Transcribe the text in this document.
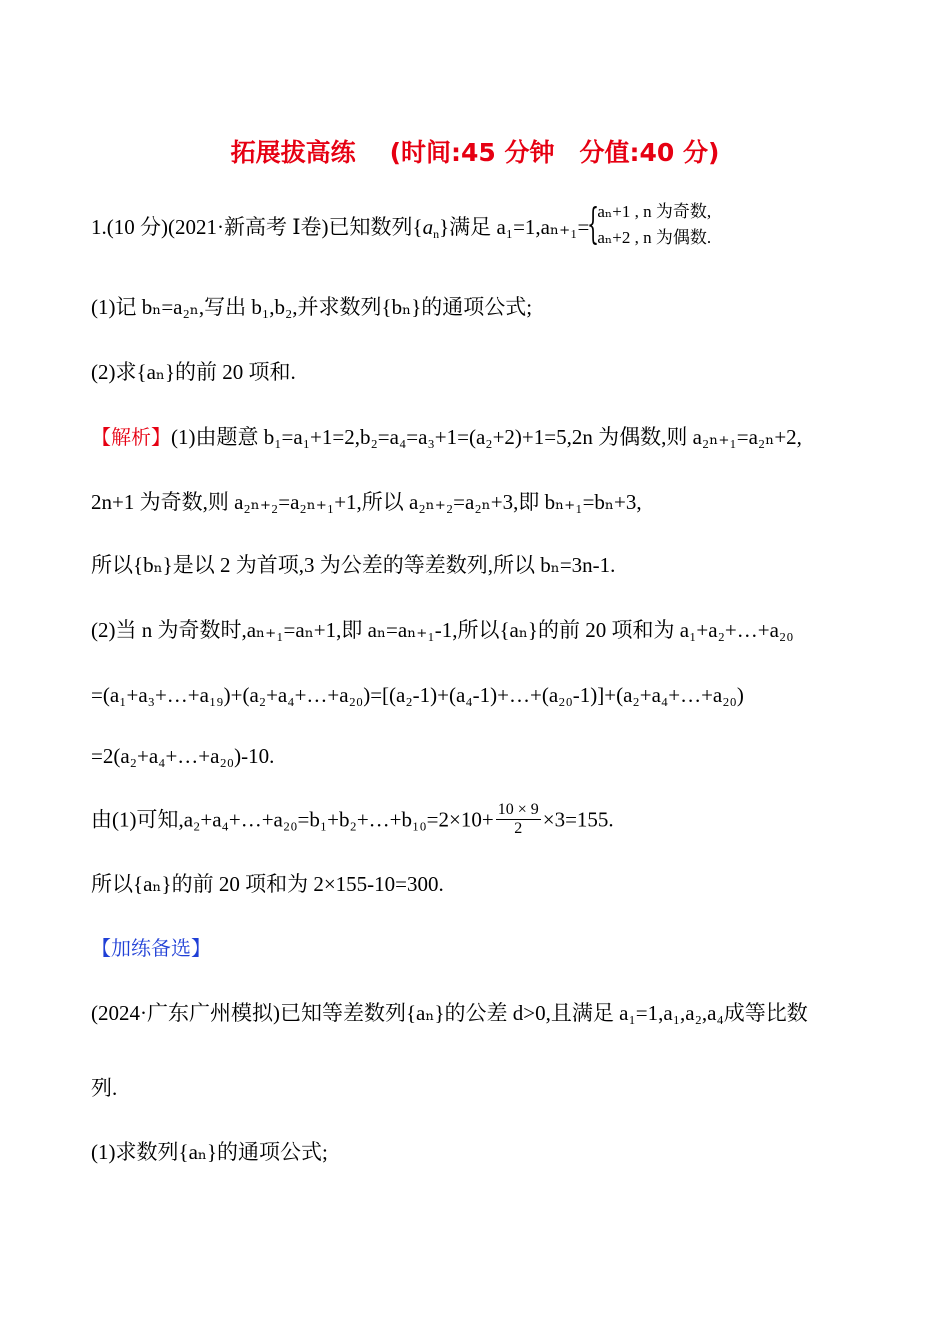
拓展拔高练 (时间:45 分钟　分值:40 分)
1.(10 分)(2021·新高考 Ⅰ卷)已知数列$\{a_n\}$满足 a₁=1,aₙ₊₁=
{
aₙ+1 , n 为奇数,
aₙ+2 , n 为偶数.
(1)记 bₙ=a₂ₙ,写出 b₁,b₂,并求数列{bₙ}的通项公式;
(2)求{aₙ}的前 20 项和.
【解析】(1)由题意 b₁=a₁+1=2,b₂=a₄=a₃+1=(a₂+2)+1=5,2n 为偶数,则 a₂ₙ₊₁=a₂ₙ+2,
2n+1 为奇数,则 a₂ₙ₊₂=a₂ₙ₊₁+1,所以 a₂ₙ₊₂=a₂ₙ+3,即 bₙ₊₁=bₙ+3,
所以{bₙ}是以 2 为首项,3 为公差的等差数列,所以 bₙ=3n-1.
(2)当 n 为奇数时,aₙ₊₁=aₙ+1,即 aₙ=aₙ₊₁-1,所以{aₙ}的前 20 项和为 a₁+a₂+…+a₂₀
=(a₁+a₃+…+a₁₉)+(a₂+a₄+…+a₂₀)=[(a₂-1)+(a₄-1)+…+(a₂₀-1)]+(a₂+a₄+…+a₂₀)
=2(a₂+a₄+…+a₂₀)-10.
由(1)可知,a₂+a₄+…+a₂₀=b₁+b₂+…+b₁₀=2×10+ $\frac{10 \times 9}{2} \times 3=155$.
所以{aₙ}的前 20 项和为 2×155-10=300.
【加练备选】
(2024·广东广州模拟)已知等差数列{aₙ}的公差 d>0,且满足 a₁=1,a₁,a₂,a₄成等比数
列.
(1)求数列{aₙ}的通项公式;
